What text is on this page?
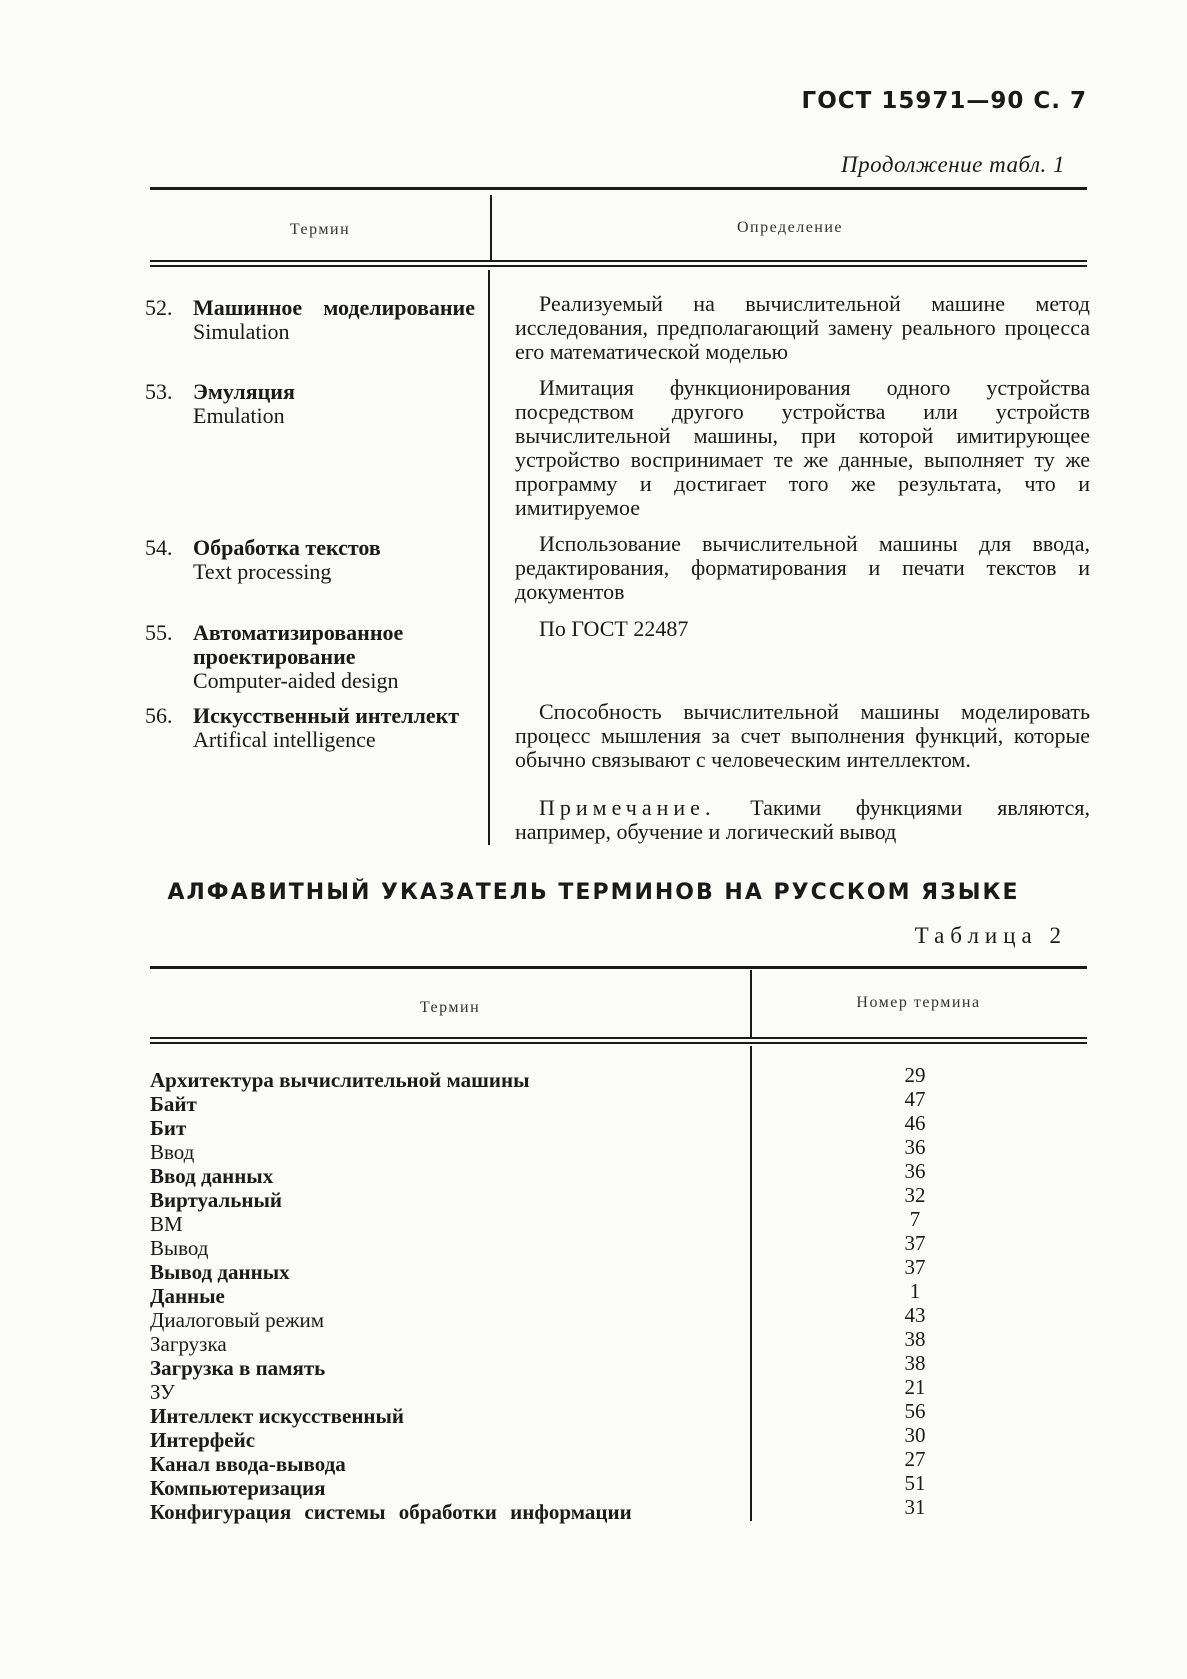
ГОСТ 15971—90 С. 7
Продолжение табл. 1
Термин	Определение
52. Машинное моделирование
Simulation
Реализуемый на вычислительной машине метод исследования, предполагающий замену реального процесса его математической моделью
53. Эмуляция
Emulation
Имитация функционирования одного устройства посредством другого устройства или устройств вычислительной машины, при которой имитирующее устройство воспринимает те же данные, выполняет ту же программу и достигает того же результата, что и имитируемое
54. Обработка текстов
Text processing
Использование вычислительной машины для ввода, редактирования, форматирования и печати текстов и документов
55. Автоматизированное проектирование
Computer-aided design
По ГОСТ 22487
56. Искусственный интеллект
Artifical intelligence
Способность вычислительной машины моделировать процесс мышления за счет выполнения функций, которые обычно связывают с человеческим интеллектом.
Примечание. Такими функциями являются, например, обучение и логический вывод
АЛФАВИТНЫЙ УКАЗАТЕЛЬ ТЕРМИНОВ НА РУССКОМ ЯЗЫКЕ
Таблица 2
Термин	Номер термина
Архитектура вычислительной машины
Байт
Бит
Ввод
Ввод данных
Виртуальный
ВМ
Вывод
Вывод данных
Данные
Диалоговый режим
Загрузка
Загрузка в память
ЗУ
Интеллект искусственный
Интерфейс
Канал ввода-вывода
Компьютеризация
Конфигурация системы обработки информации
29
47
46
36
36
32
7
37
37
1
43
38
38
21
56
30
27
51
31
